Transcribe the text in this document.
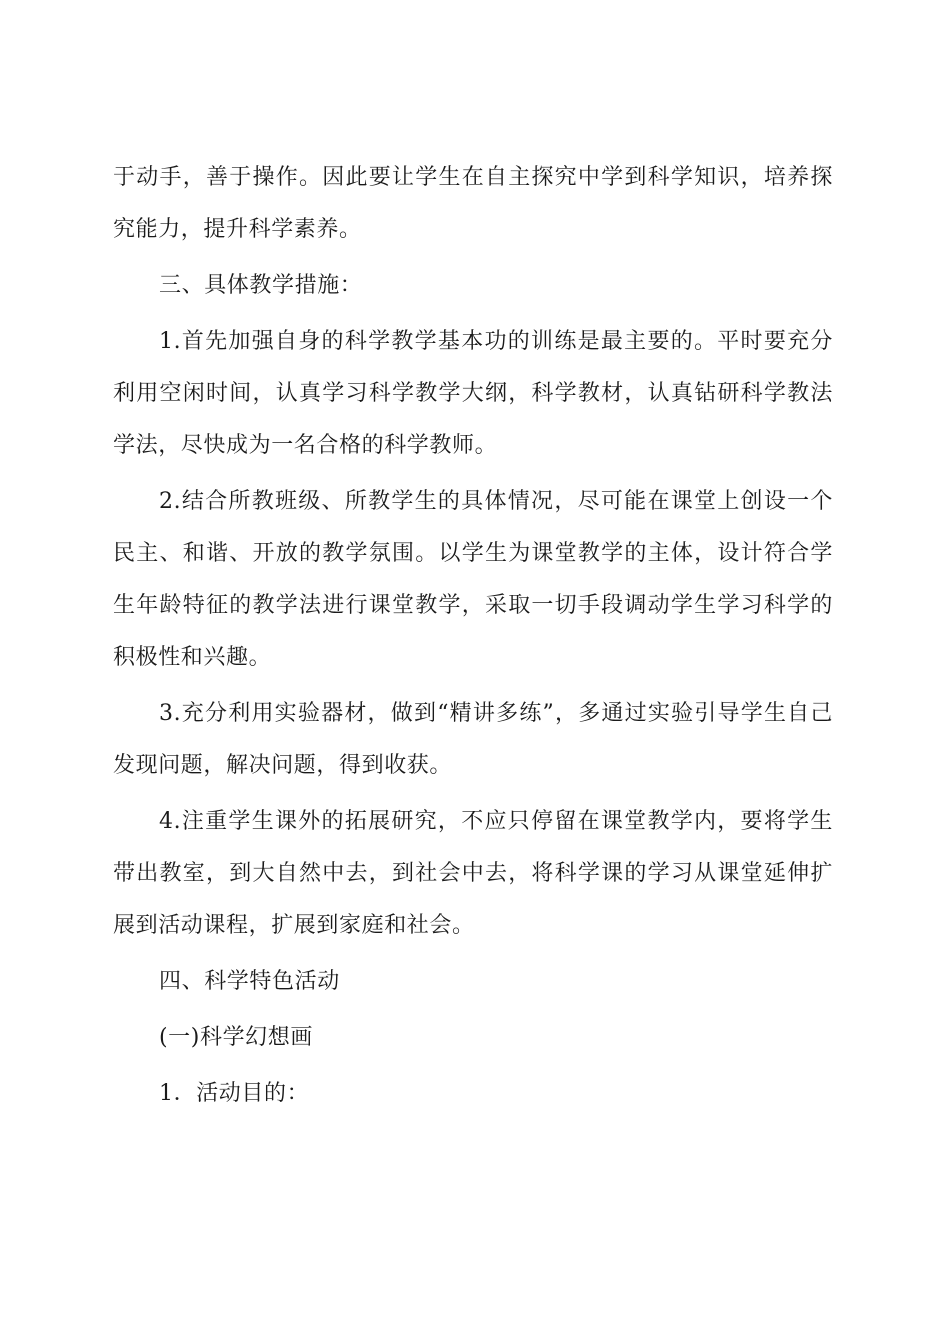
于动手，善于操作。因此要让学生在自主探究中学到科学知识，培养探究能力，提升科学素养。

三、具体教学措施：

1.首先加强自身的科学教学基本功的训练是最主要的。平时要充分利用空闲时间，认真学习科学教学大纲，科学教材，认真钻研科学教法学法，尽快成为一名合格的科学教师。

2.结合所教班级、所教学生的具体情况，尽可能在课堂上创设一个民主、和谐、开放的教学氛围。以学生为课堂教学的主体，设计符合学生年龄特征的教学法进行课堂教学，采取一切手段调动学生学习科学的积极性和兴趣。

3.充分利用实验器材，做到“精讲多练”，多通过实验引导学生自己发现问题，解决问题，得到收获。

4.注重学生课外的拓展研究，不应只停留在课堂教学内，要将学生带出教室，到大自然中去，到社会中去，将科学课的学习从课堂延伸扩展到活动课程，扩展到家庭和社会。

四、科学特色活动

(一)科学幻想画

1．活动目的：
